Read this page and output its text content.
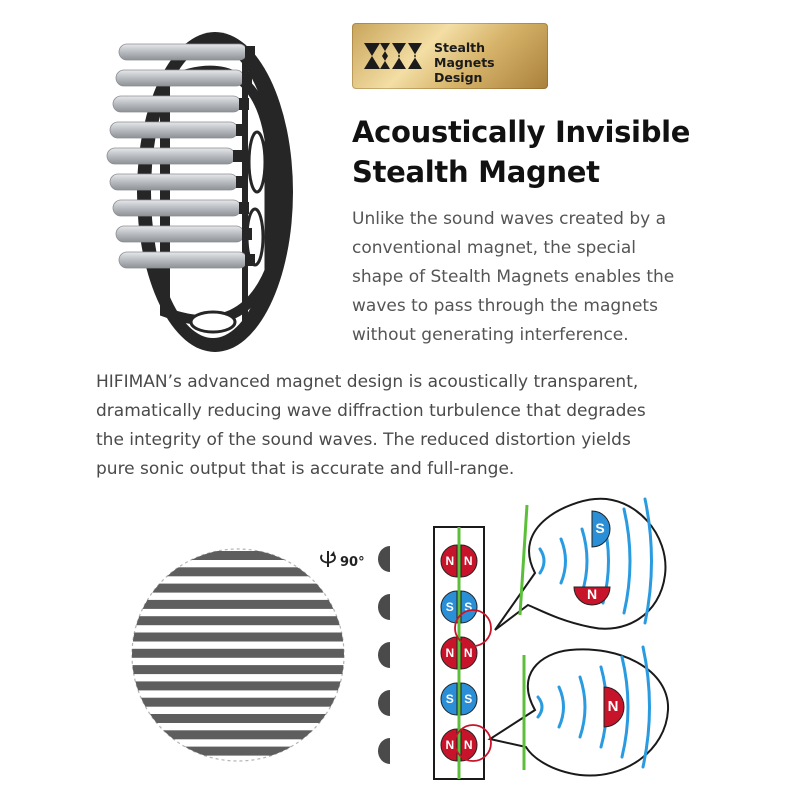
Stealth Magnets
Design
Acoustically Invisible
Stealth Magnet
Unlike the sound waves created by a
conventional magnet, the special
shape of Stealth Magnets enables the
waves to pass through the magnets
without generating interference.
HIFIMAN’s advanced magnet design is acoustically transparent,
dramatically reducing wave diffraction turbulence that degrades
the integrity of the sound waves. The reduced distortion yields
pure sonic output that is accurate and full-range.
90°	N N
S S
N N
S S
N N
S
N
N
